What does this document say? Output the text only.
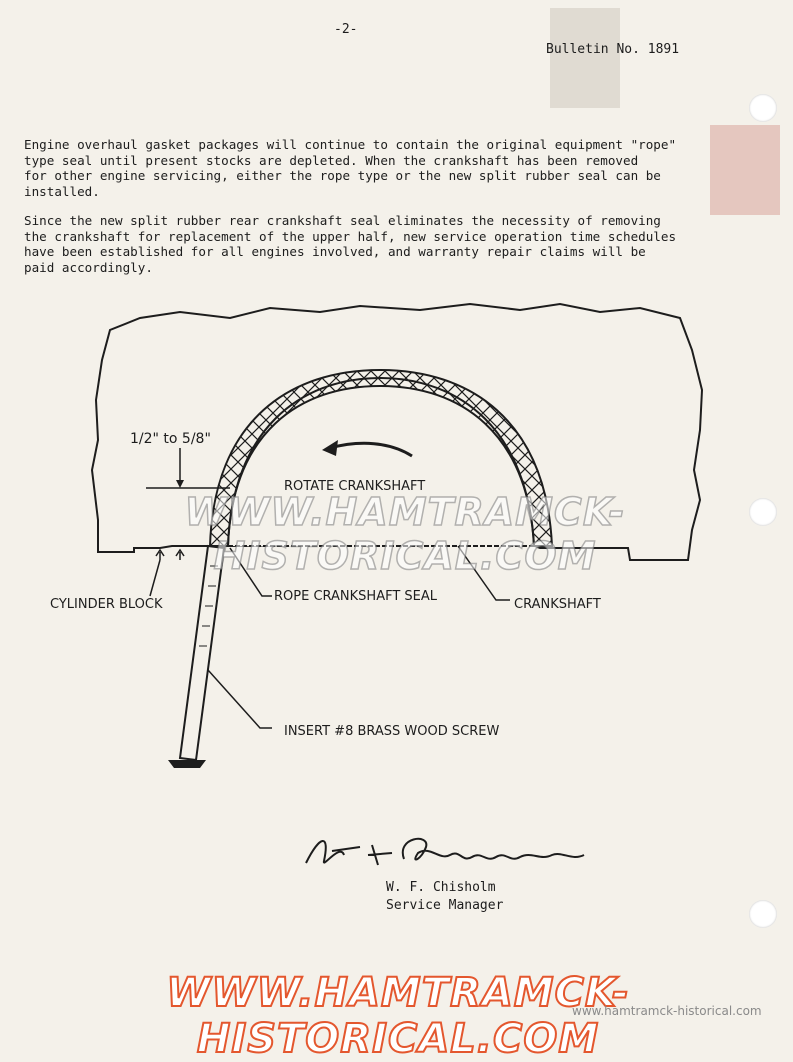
-2-
Bulletin No. 1891
Engine overhaul gasket packages will continue to contain the original equipment "rope"
type seal until present stocks are depleted. When the crankshaft has been removed
for other engine servicing, either the rope type or the new split rubber seal can be
installed.
Since the new split rubber rear crankshaft seal eliminates the necessity of removing
the crankshaft for replacement of the upper half, new service operation time schedules
have been established for all engines involved, and warranty repair claims will be
paid accordingly.
1/2" to 5/8"
ROTATE CRANKSHAFT
CYLINDER BLOCK
ROPE CRANKSHAFT SEAL
CRANKSHAFT
INSERT #8 BRASS WOOD SCREW
WWW.HAMTRAMCK-HISTORICAL.COM
W. F. Chisholm
Service Manager
WWW.HAMTRAMCK-HISTORICAL.COM
www.hamtramck-historical.com
